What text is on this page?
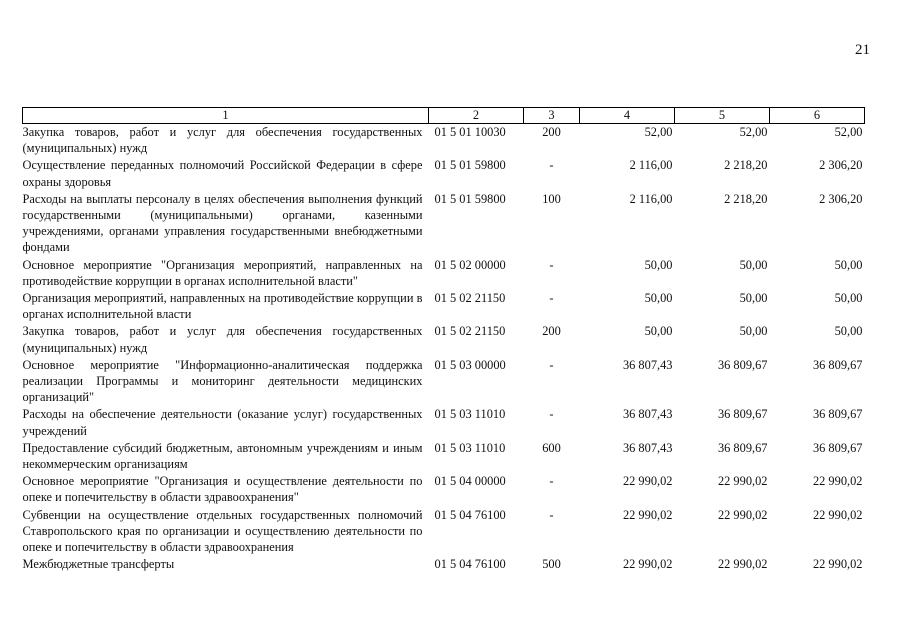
21
1	2	3	4	5	6
Закупка товаров, работ и услуг для обеспечения государственных (муниципальных) нужд	01 5 01 10030	200	52,00	52,00	52,00
Осуществление переданных полномочий Российской Федерации в сфере охраны здоровья	01 5 01 59800	-	2 116,00	2 218,20	2 306,20
Расходы на выплаты персоналу в целях обеспечения выполнения функций государственными (муниципальными) органами, казенными учреждениями, органами управления государственными внебюджетными фондами	01 5 01 59800	100	2 116,00	2 218,20	2 306,20
Основное мероприятие "Организация мероприятий, направленных на противодействие коррупции в органах исполнительной власти"	01 5 02 00000	-	50,00	50,00	50,00
Организация мероприятий, направленных на противодействие коррупции в органах исполнительной власти	01 5 02 21150	-	50,00	50,00	50,00
Закупка товаров, работ и услуг для обеспечения государственных (муниципальных) нужд	01 5 02 21150	200	50,00	50,00	50,00
Основное мероприятие "Информационно-аналитическая поддержка реализации Программы и мониторинг деятельности медицинских организаций"	01 5 03 00000	-	36 807,43	36 809,67	36 809,67
Расходы на обеспечение деятельности (оказание услуг) государственных учреждений	01 5 03 11010	-	36 807,43	36 809,67	36 809,67
Предоставление субсидий бюджетным, автономным учреждениям и иным некоммерческим организациям	01 5 03 11010	600	36 807,43	36 809,67	36 809,67
Основное мероприятие "Организация и осуществление деятельности по опеке и попечительству в области здравоохранения"	01 5 04 00000	-	22 990,02	22 990,02	22 990,02
Субвенции на осуществление отдельных государственных полномочий Ставропольского края по организации и осуществлению деятельности по опеке и попечительству в области здравоохранения	01 5 04 76100	-	22 990,02	22 990,02	22 990,02
Межбюджетные трансферты	01 5 04 76100	500	22 990,02	22 990,02	22 990,02
